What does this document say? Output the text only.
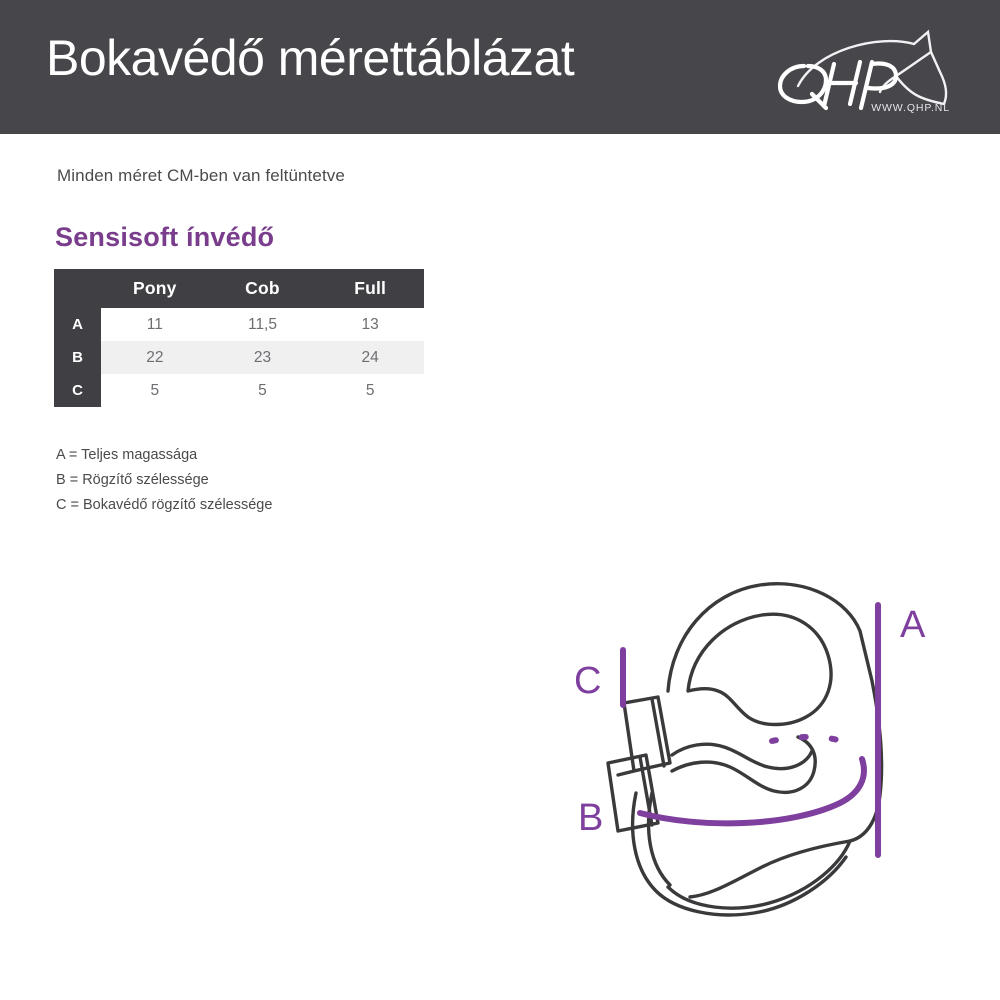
Bokavédő mérettáblázat
WWW.QHP.NL
Minden méret CM-ben van feltüntetve
Sensisoft ínvédő
	Pony	Cob	Full
A	11	11,5	13
B	22	23	24
C	5	5	5
A = Teljes magassága
B = Rögzítő szélessége
C = Bokavédő rögzítő szélessége
A
B
C
